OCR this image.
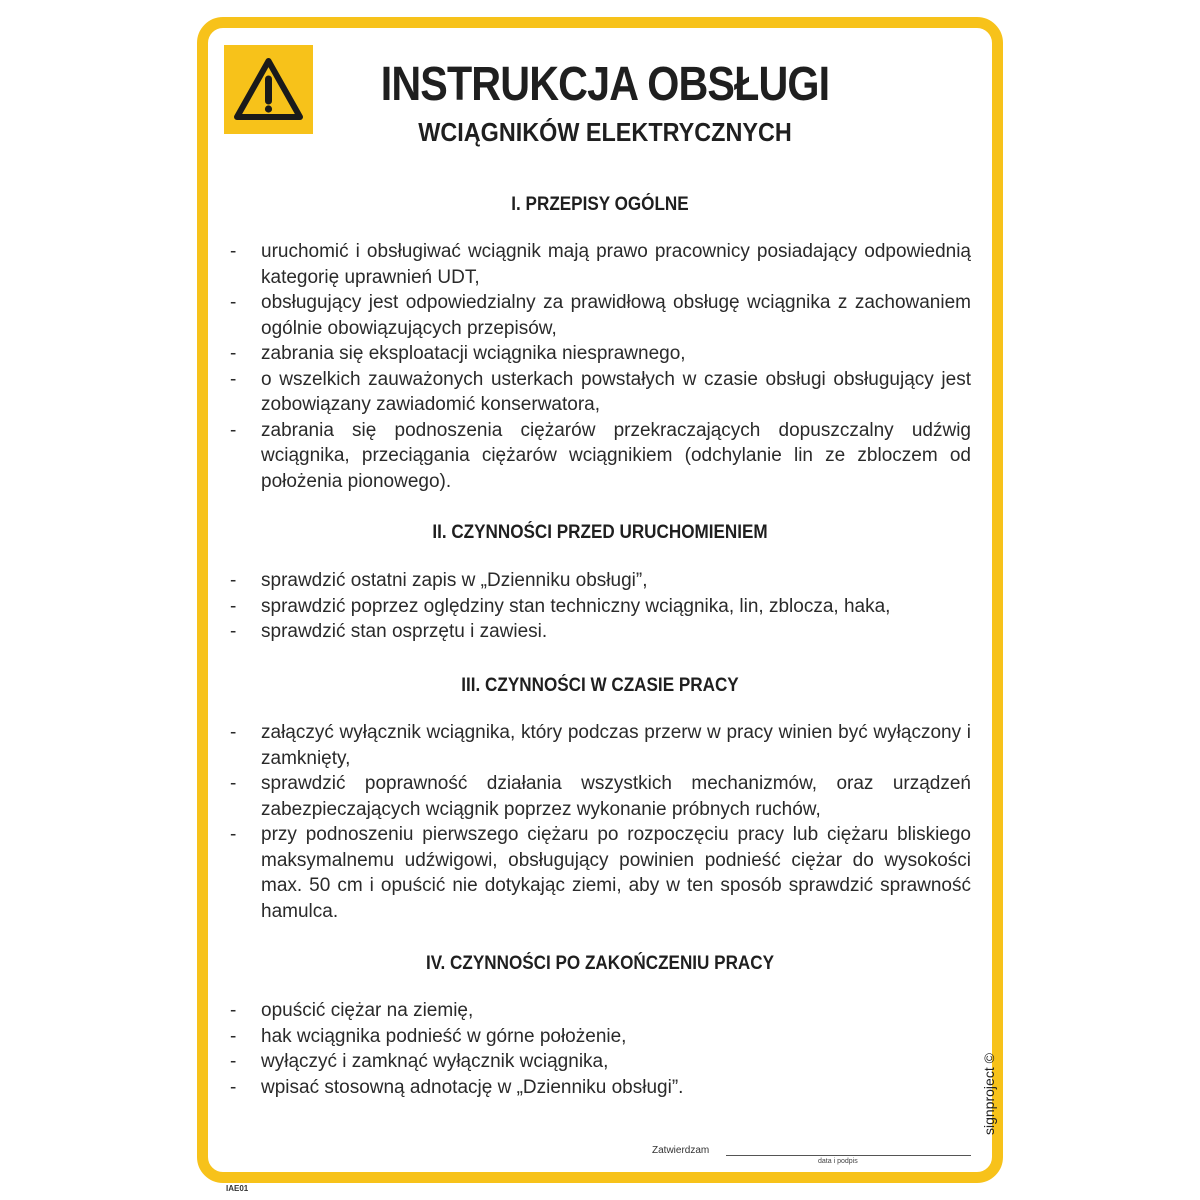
INSTRUKCJA OBSŁUGI
WCIĄGNIKÓW ELEKTRYCZNYCH
I. PRZEPISY OGÓLNE
- uruchomić i obsługiwać wciągnik mają prawo pracownicy posiadający odpowiednią kategorię uprawnień UDT,
- obsługujący jest odpowiedzialny za prawidłową obsługę wciągnika z zachowaniem ogólnie obowiązujących przepisów,
- zabrania się eksploatacji wciągnika niesprawnego,
- o wszelkich zauważonych usterkach powstałych w czasie obsługi obsługujący jest zobowiązany zawiadomić konserwatora,
- zabrania się podnoszenia ciężarów przekraczających dopuszczalny udźwig wciągnika, przeciągania ciężarów wciągnikiem (odchylanie lin ze zbloczem od położenia pionowego).
II. CZYNNOŚCI PRZED URUCHOMIENIEM
- sprawdzić ostatni zapis w „Dzienniku obsługi”,
- sprawdzić poprzez oględziny stan techniczny wciągnika, lin, zblocza, haka,
- sprawdzić stan osprzętu i zawiesi.
III. CZYNNOŚCI W CZASIE PRACY
- załączyć wyłącznik wciągnika, który podczas przerw w pracy winien być wyłączony i zamknięty,
- sprawdzić poprawność działania wszystkich mechanizmów, oraz urządzeń zabezpieczających wciągnik poprzez wykonanie próbnych ruchów,
- przy podnoszeniu pierwszego ciężaru po rozpoczęciu pracy lub ciężaru bliskiego maksymalnemu udźwigowi, obsługujący powinien podnieść ciężar do wysokości max. 50 cm i opuścić nie dotykając ziemi, aby w ten sposób sprawdzić sprawność hamulca.
IV. CZYNNOŚCI PO ZAKOŃCZENIU PRACY
- opuścić ciężar na ziemię,
- hak wciągnika podnieść w górne położenie,
- wyłączyć i zamknąć wyłącznik wciągnika,
- wpisać stosowną adnotację w „Dzienniku obsługi”.
Zatwierdzam
data i podpis
signproject ©
IAE01
